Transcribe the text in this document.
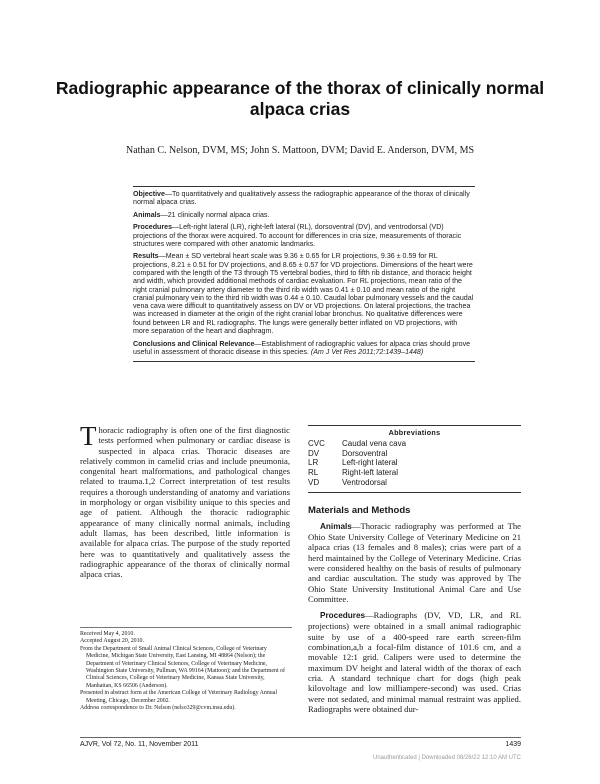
Radiographic appearance of the thorax of clinically normal alpaca crias

Nathan C. Nelson, DVM, MS; John S. Mattoon, DVM; David E. Anderson, DVM, MS

Objective—To quantitatively and qualitatively assess the radiographic appearance of the thorax of clinically normal alpaca crias.

Animals—21 clinically normal alpaca crias.

Procedures—Left-right lateral (LR), right-left lateral (RL), dorsoventral (DV), and ventrodorsal (VD) projections of the thorax were acquired. To account for differences in cria size, measurements of thoracic structures were compared with other anatomic landmarks.

Results—Mean ± SD vertebral heart scale was 9.36 ± 0.65 for LR projections, 9.36 ± 0.59 for RL projections, 8.21 ± 0.51 for DV projections, and 8.65 ± 0.57 for VD projections. Dimensions of the heart were compared with the length of the T3 through T5 vertebral bodies, third to fifth rib distance, and thoracic height and width, which provided additional methods of cardiac evaluation. For RL projections, mean ratio of the right cranial pulmonary artery diameter to the third rib width was 0.41 ± 0.10 and mean ratio of the right cranial pulmonary vein to the third rib width was 0.44 ± 0.10. Caudal lobar pulmonary vessels and the caudal vena cava were difficult to quantitatively assess on DV or VD projections. On lateral projections, the trachea was increased in diameter at the origin of the right cranial lobar bronchus. No qualitative differences were found between LR and RL radiographs. The lungs were generally better inflated on VD projections, with more separation of the heart and diaphragm.

Conclusions and Clinical Relevance—Establishment of radiographic values for alpaca crias should prove useful in assessment of thoracic disease in this species. (Am J Vet Res 2011;72:1439–1448)

Thoracic radiography is often one of the first diagnostic tests performed when pulmonary or cardiac disease is suspected in alpaca crias. Thoracic diseases are relatively common in camelid crias and include pneumonia, congenital heart malformations, and pathological changes related to trauma.1,2 Correct interpretation of test results requires a thorough understanding of anatomy and variations in morphology or organ visibility unique to this species and age of patient. Although the thoracic radiographic appearance of many clinically normal animals, including adult llamas, has been described, little information is available for alpaca crias. The purpose of the study reported here was to quantitatively and qualitatively assess the radiographic appearance of the thorax of clinically normal alpaca crias.

Received May 4, 2010.

Accepted August 20, 2010.

From the Department of Small Animal Clinical Sciences, College of Veterinary Medicine, Michigan State University, East Lansing, MI 48864 (Nelson); the Department of Veterinary Clinical Sciences, College of Veterinary Medicine, Washington State University, Pullman, WA 99164 (Mattoon); and the Department of Clinical Sciences, College of Veterinary Medicine, Kansas State University, Manhattan, KS 66506 (Anderson).

Presented in abstract form at the American College of Veterinary Radiology Annual Meeting, Chicago, December 2002.

Address correspondence to Dr. Nelson (nelso329@cvm.msu.edu).

Abbreviations
CVC	Caudal vena cava
DV	Dorsoventral
LR	Left-right lateral
RL	Right-left lateral
VD	Ventrodorsal
Materials and Methods

Animals—Thoracic radiography was performed at The Ohio State University College of Veterinary Medicine on 21 alpaca crias (13 females and 8 males); crias were part of a herd maintained by the College of Veterinary Medicine. Crias were considered healthy on the basis of results of pulmonary and cardiac auscultation. The study was approved by The Ohio State University Institutional Animal Care and Use Committee.

Procedures—Radiographs (DV, VD, LR, and RL projections) were obtained in a small animal radiographic suite by use of a 400-speed rare earth screen-film combination,a,b a focal-film distance of 101.6 cm, and a movable 12:1 grid. Calipers were used to determine the maximum DV height and lateral width of the thorax of each cria. A standard technique chart for dogs (high peak kilovoltage and low milliampere-second) was used. Crias were not sedated, and minimal manual restraint was applied. Radiographs were obtained dur-

AJVR, Vol 72, No. 11, November 2011	1439
Unauthenticated | Downloaded 08/26/22 12:10 AM UTC
